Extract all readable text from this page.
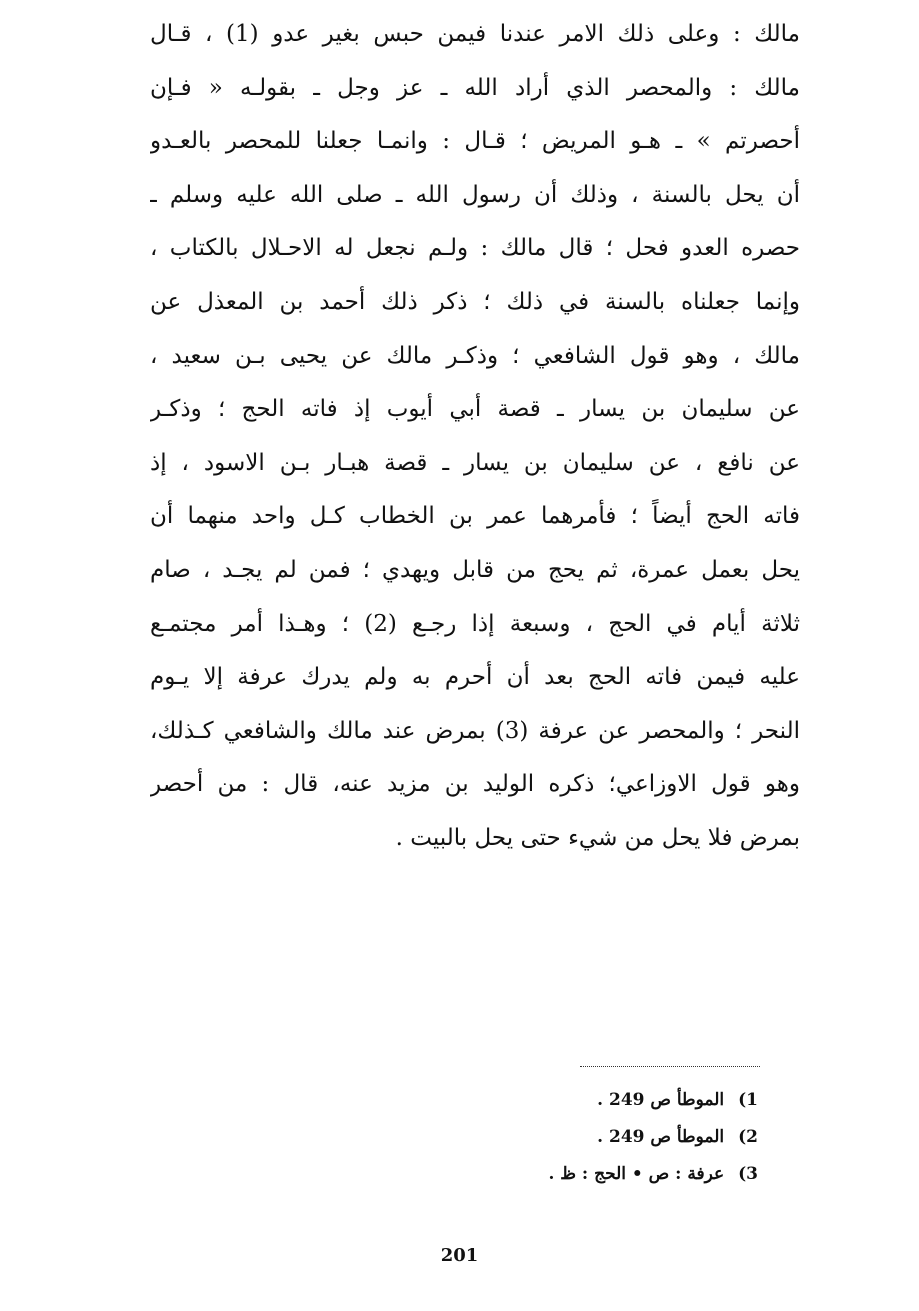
مالك : وعلى ذلك الامر عندنا فيمن حبس بغير عدو (1) ، قـال
مالك : والمحصر الذي أراد الله ـ عز وجل ـ بقولـه « فـإن
أحصرتم » ـ هـو المريض ؛ قـال : وانمـا جعلنا للمحصر بالعـدو
أن يحل بالسنة ، وذلك أن رسول الله ـ صلى الله عليه وسلم ـ
حصره العدو فحل ؛ قال مالك : ولـم نجعل له الاحـلال بالكتاب ،
وإنما جعلناه بالسنة في ذلك ؛ ذكر ذلك أحمد بن المعذل عن
مالك ، وهو قول الشافعي ؛ وذكـر مالك عن يحيى بـن سعيد ،
عن سليمان بن يسار ـ قصة أبي أيوب إذ فاته الحج ؛ وذكـر
عن نافع ، عن سليمان بن يسار ـ قصة هبـار بـن الاسود ، إذ
فاته الحج أيضاً ؛ فأمرهما عمر بن الخطاب كـل واحد منهما أن
يحل بعمل عمرة، ثم يحج من قابل ويهدي ؛ فمن لم يجـد ، صام
ثلاثة أيام في الحج ، وسبعة إذا رجـع (2) ؛ وهـذا أمر مجتمـع
عليه فيمن فاته الحج بعد أن أحرم به ولم يدرك عرفة إلا يـوم
النحر ؛ والمحصر عن عرفة (3) بمرض عند مالك والشافعي كـذلك،
وهو قول الاوزاعي؛ ذكره الوليد بن مزيد عنه، قال : من أحصر
بمرض فلا يحل من شيء حتى يحل بالبيت .
1)الموطأ ص 249 .
2)الموطأ ص 249 .
3)عرفة : ص • الحج : ظ .
201
